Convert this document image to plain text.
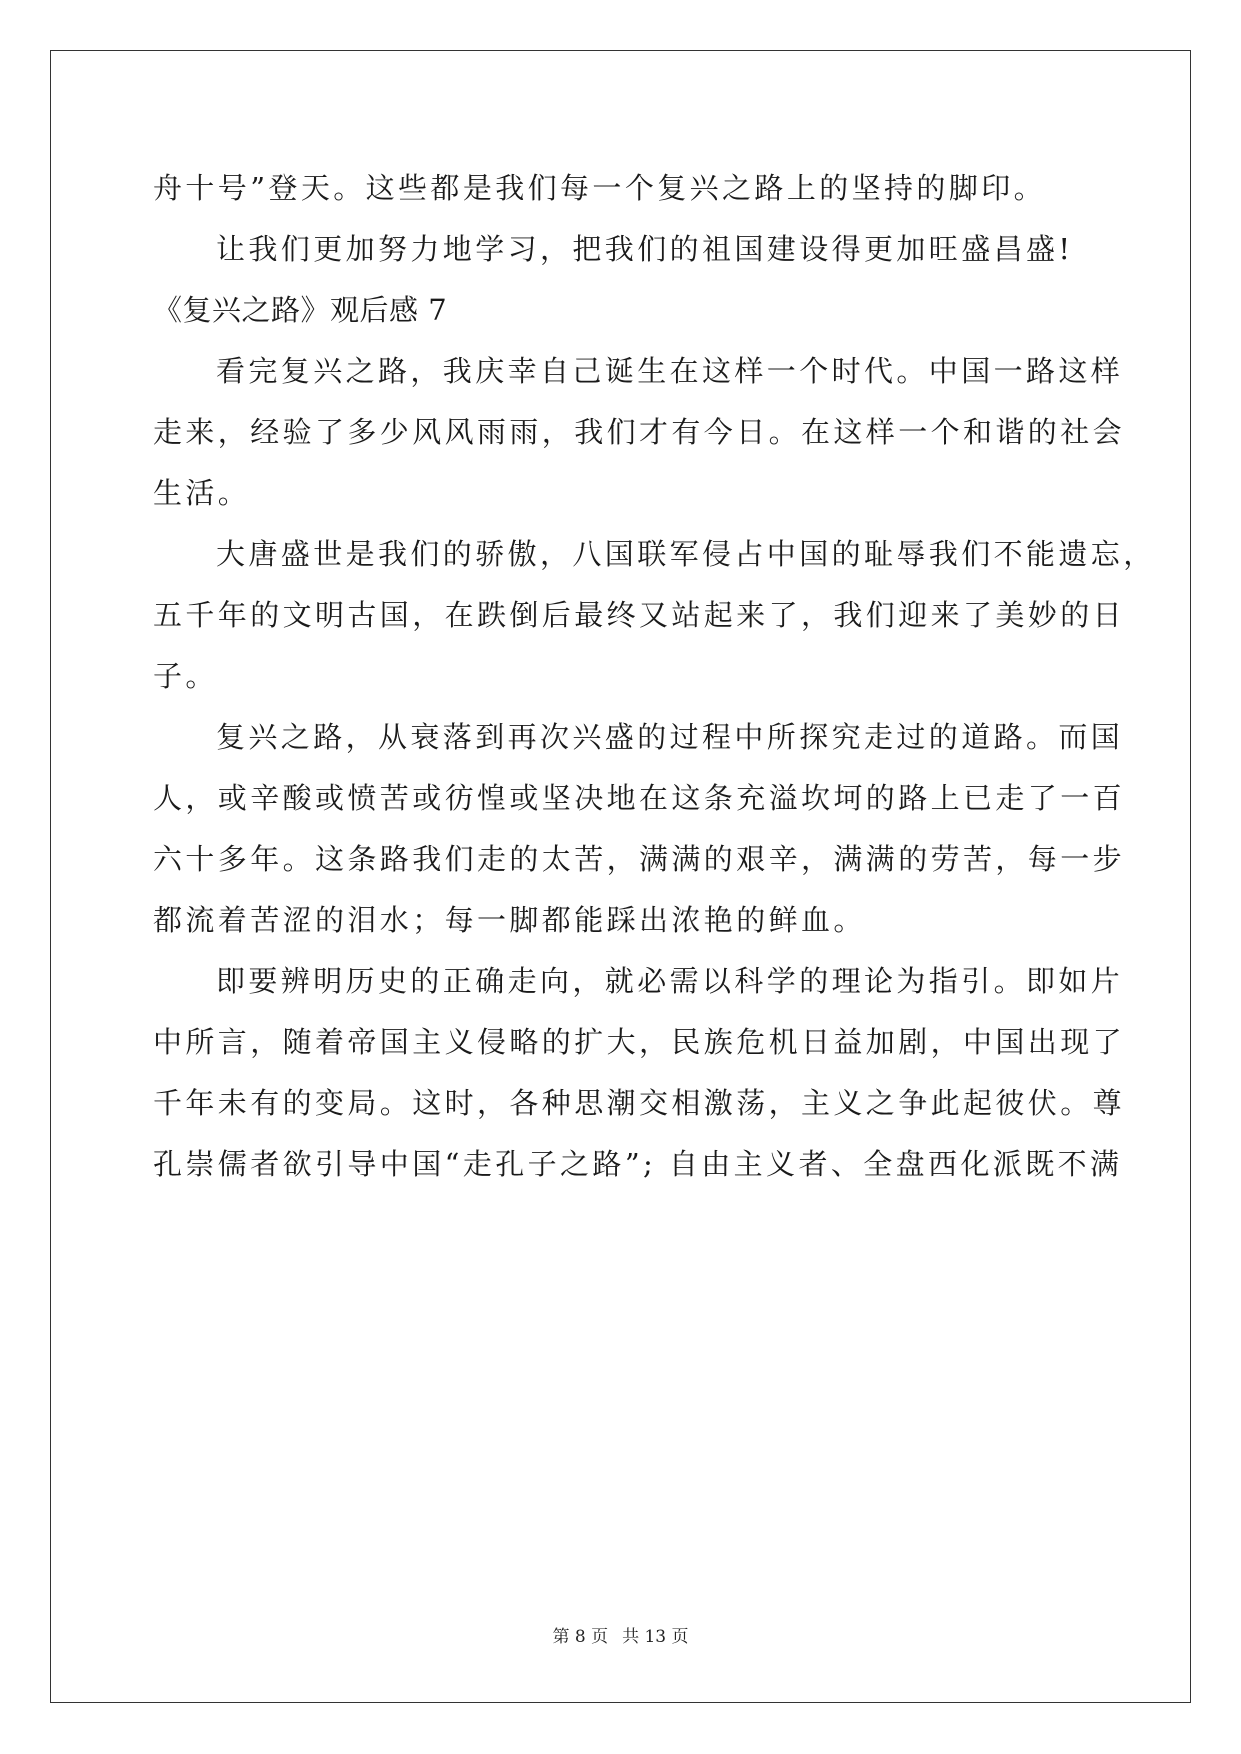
舟十号”登天。这些都是我们每一个复兴之路上的坚持的脚印。
让我们更加努力地学习，把我们的祖国建设得更加旺盛昌盛!
《复兴之路》观后感 7
看完复兴之路，我庆幸自己诞生在这样一个时代。中国一路这样
走来，经验了多少风风雨雨，我们才有今日。在这样一个和谐的社会
生活。
大唐盛世是我们的骄傲，八国联军侵占中国的耻辱我们不能遗忘，
五千年的文明古国，在跌倒后最终又站起来了，我们迎来了美妙的日
子。
复兴之路，从衰落到再次兴盛的过程中所探究走过的道路。而国
人，或辛酸或愤苦或彷惶或坚决地在这条充溢坎坷的路上已走了一百
六十多年。这条路我们走的太苦，满满的艰辛，满满的劳苦，每一步
都流着苦涩的泪水；每一脚都能踩出浓艳的鲜血。
即要辨明历史的正确走向，就必需以科学的理论为指引。即如片
中所言，随着帝国主义侵略的扩大，民族危机日益加剧，中国出现了
千年未有的变局。这时，各种思潮交相激荡，主义之争此起彼伏。尊
孔崇儒者欲引导中国“走孔子之路”; 自由主义者、全盘西化派既不满
第 8 页 共 13 页
